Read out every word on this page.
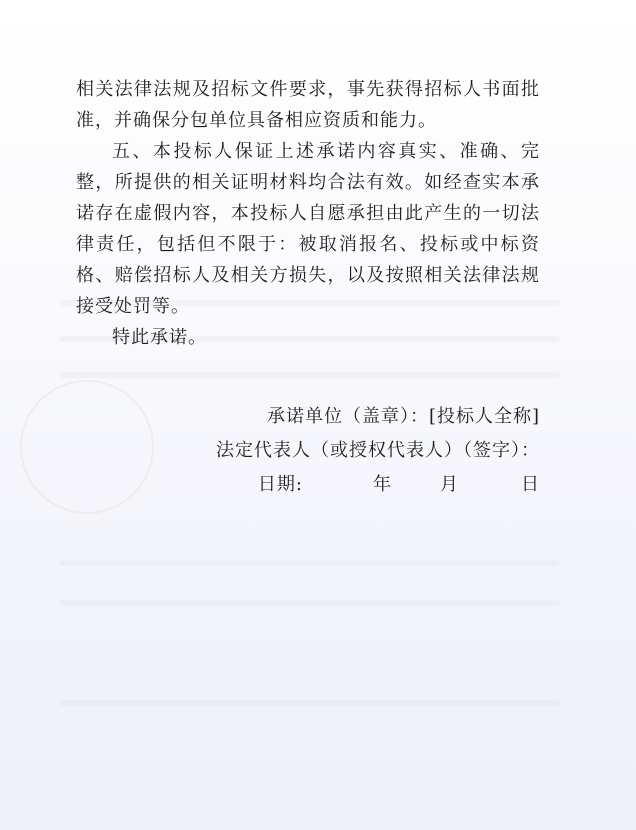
相关法律法规及招标文件要求，事先获得招标人书面批准，并确保分包单位具备相应资质和能力。

五、本投标人保证上述承诺内容真实、准确、完整，所提供的相关证明材料均合法有效。如经查实本承诺存在虚假内容，本投标人自愿承担由此产生的一切法律责任，包括但不限于：被取消报名、投标或中标资格、赔偿招标人及相关方损失，以及按照相关法律法规接受处罚等。

特此承诺。

承诺单位（盖章）：[投标人全称]
法定代表人（或授权代表人）（签字）：
日期:	年	月	日
